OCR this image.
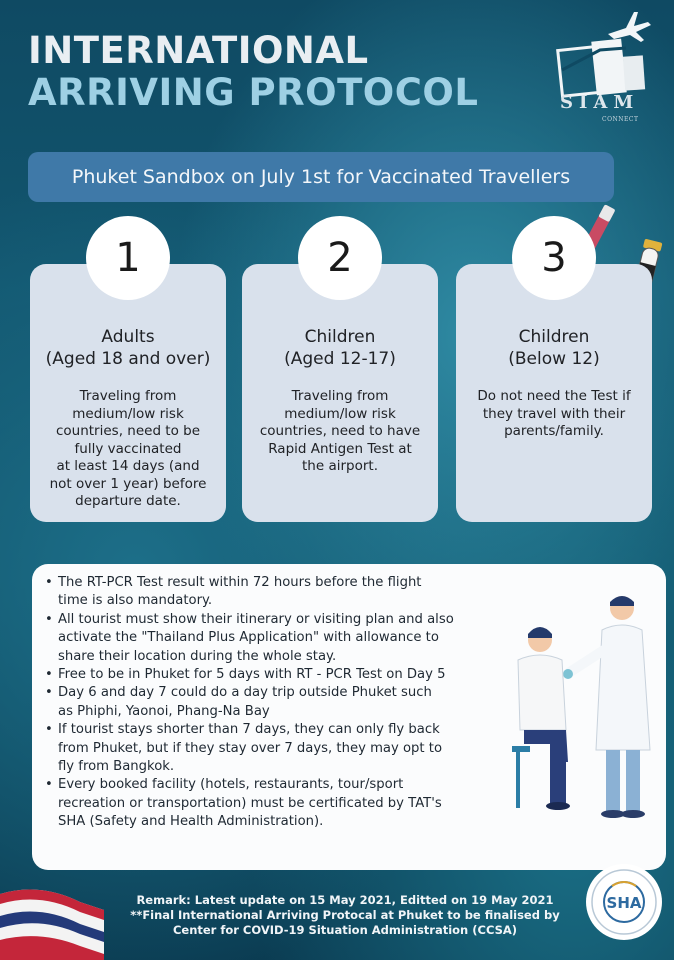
INTERNATIONAL
ARRIVING PROTOCOL	SIAM
CONNECT
Phuket Sandbox on July 1st for Vaccinated Travellers
1
Adults
(Aged 18 and over)
Traveling from
medium/low risk
countries, need to be
fully vaccinated
at least 14 days (and
not over 1 year) before
departure date.
2
Children
(Aged 12-17)
Traveling from
medium/low risk
countries, need to have
Rapid Antigen Test at
the airport.
3
Children
(Below 12)
Do not need the Test if
they travel with their
parents/family.
• The RT-PCR Test result within 72 hours before the flight
time is also mandatory.
• All tourist must show their itinerary or visiting plan and also
activate the "Thailand Plus Application" with allowance to
share their location during the whole stay.
• Free to be in Phuket for 5 days with RT - PCR Test on Day 5
• Day 6 and day 7 could do a day trip outside Phuket such
as Phiphi, Yaonoi, Phang-Na Bay
• If tourist stays shorter than 7 days, they can only fly back
from Phuket, but if they stay over 7 days, they may opt to
fly from Bangkok.
• Every booked facility (hotels, restaurants, tour/sport
recreation or transportation) must be certificated by TAT's
SHA (Safety and Health Administration).
Remark: Latest update on 15 May 2021, Editted on 19 May 2021
**Final International Arriving Protocal at Phuket to be finalised by
Center for COVID-19 Situation Administration (CCSA)
SHA
